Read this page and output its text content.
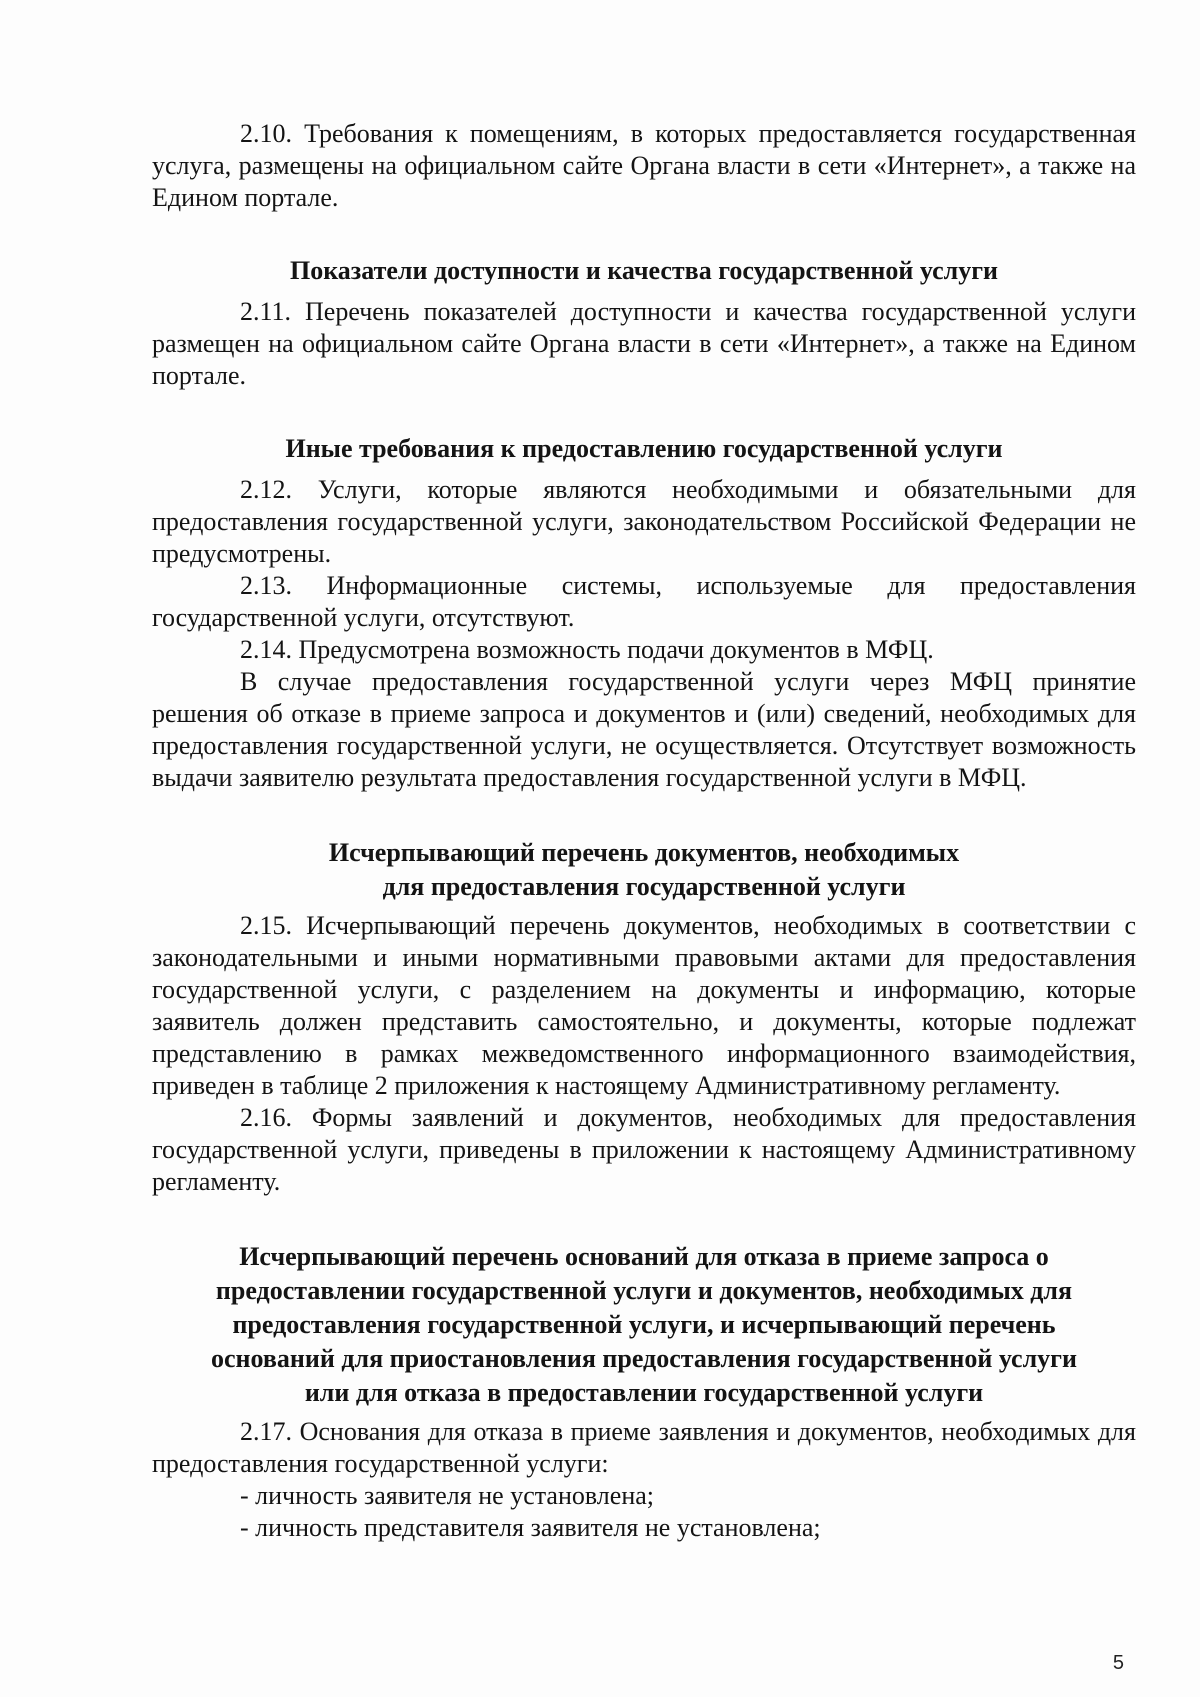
2.10. Требования к помещениям, в которых предоставляется государственная услуга, размещены на официальном сайте Органа власти в сети «Интернет», а также на Едином портале.

Показатели доступности и качества государственной услуги

2.11. Перечень показателей доступности и качества государственной услуги размещен на официальном сайте Органа власти в сети «Интернет», а также на Едином портале.

Иные требования к предоставлению государственной услуги

2.12. Услуги, которые являются необходимыми и обязательными для предоставления государственной услуги, законодательством Российской Федерации не предусмотрены.

2.13. Информационные системы, используемые для предоставления государственной услуги, отсутствуют.

2.14. Предусмотрена возможность подачи документов в МФЦ.

В случае предоставления государственной услуги через МФЦ принятие решения об отказе в приеме запроса и документов и (или) сведений, необходимых для предоставления государственной услуги, не осуществляется. Отсутствует возможность выдачи заявителю результата предоставления государственной услуги в МФЦ.

Исчерпывающий перечень документов, необходимых
для предоставления государственной услуги

2.15. Исчерпывающий перечень документов, необходимых в соответствии с законодательными и иными нормативными правовыми актами для предоставления государственной услуги, с разделением на документы и информацию, которые заявитель должен представить самостоятельно, и документы, которые подлежат представлению в рамках межведомственного информационного взаимодействия, приведен в таблице 2 приложения к настоящему Административному регламенту.

2.16. Формы заявлений и документов, необходимых для предоставления государственной услуги, приведены в приложении к настоящему Административному регламенту.

Исчерпывающий перечень оснований для отказа в приеме запроса о
предоставлении государственной услуги и документов, необходимых для
предоставления государственной услуги, и исчерпывающий перечень
оснований для приостановления предоставления государственной услуги
или для отказа в предоставлении государственной услуги

2.17. Основания для отказа в приеме заявления и документов, необходимых для предоставления государственной услуги:

- личность заявителя не установлена;

- личность представителя заявителя не установлена;

5
